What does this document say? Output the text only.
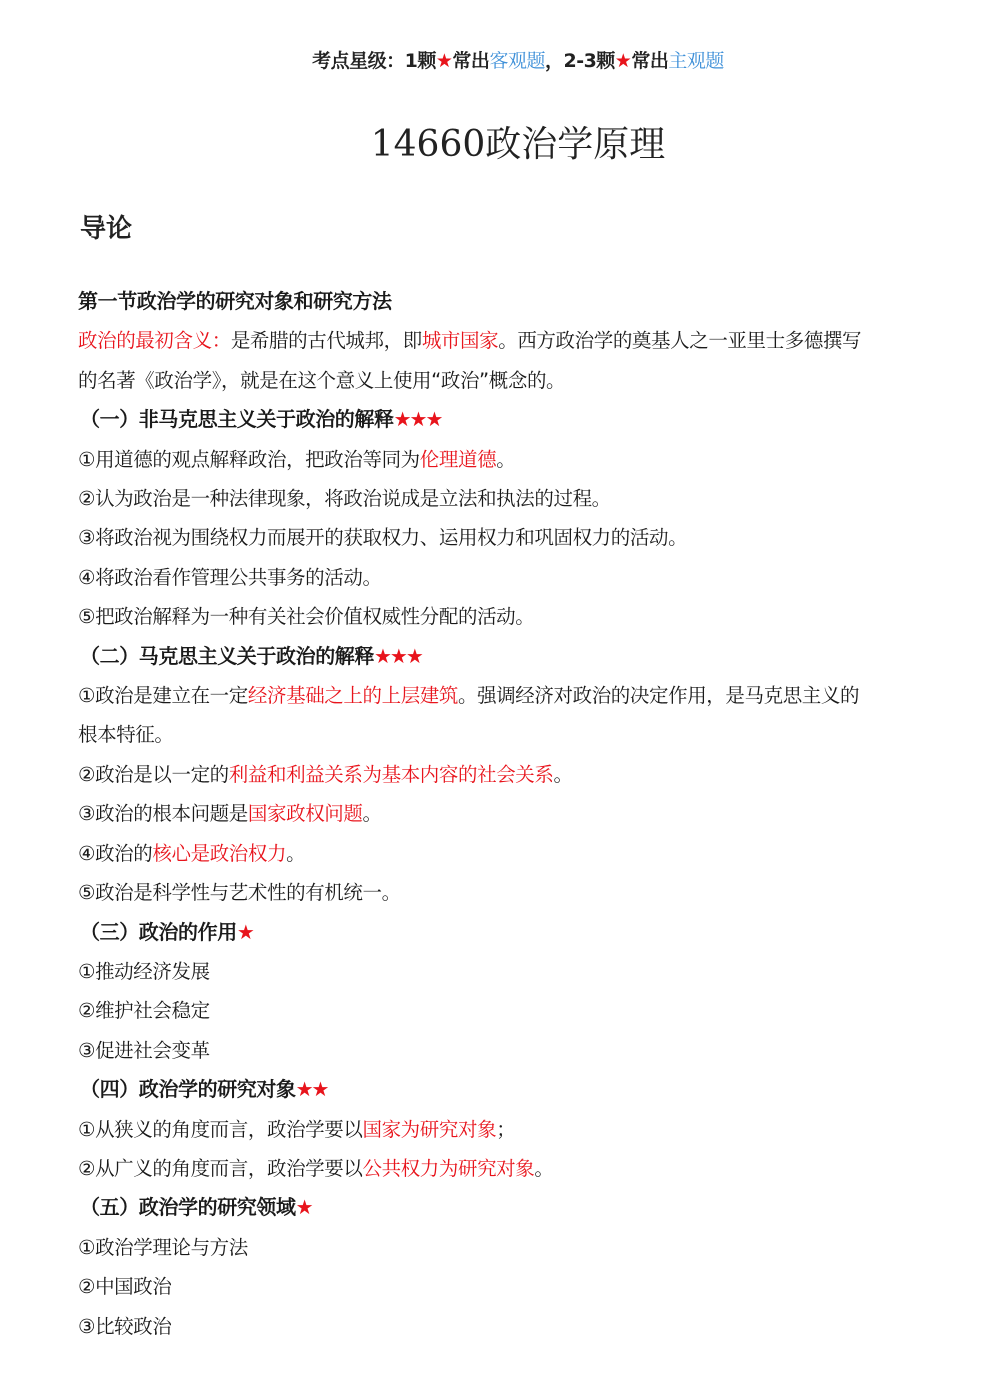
考点星级：1颗★常出客观题，2-3颗★常出主观题
14660政治学原理
导论
第一节政治学的研究对象和研究方法
政治的最初含义：是希腊的古代城邦，即城市国家。西方政治学的奠基人之一亚里士多德撰写
的名著《政治学》，就是在这个意义上使用“政治”概念的。
（一）非马克思主义关于政治的解释★★★
①用道德的观点解释政治，把政治等同为伦理道德。
②认为政治是一种法律现象，将政治说成是立法和执法的过程。
③将政治视为围绕权力而展开的获取权力、运用权力和巩固权力的活动。
④将政治看作管理公共事务的活动。
⑤把政治解释为一种有关社会价值权威性分配的活动。
（二）马克思主义关于政治的解释★★★
①政治是建立在一定经济基础之上的上层建筑。强调经济对政治的决定作用，是马克思主义的
根本特征。
②政治是以一定的利益和利益关系为基本内容的社会关系。
③政治的根本问题是国家政权问题。
④政治的核心是政治权力。
⑤政治是科学性与艺术性的有机统一。
（三）政治的作用★
①推动经济发展
②维护社会稳定
③促进社会变革
（四）政治学的研究对象★★
①从狭义的角度而言，政治学要以国家为研究对象；
②从广义的角度而言，政治学要以公共权力为研究对象。
（五）政治学的研究领域★
①政治学理论与方法
②中国政治
③比较政治
